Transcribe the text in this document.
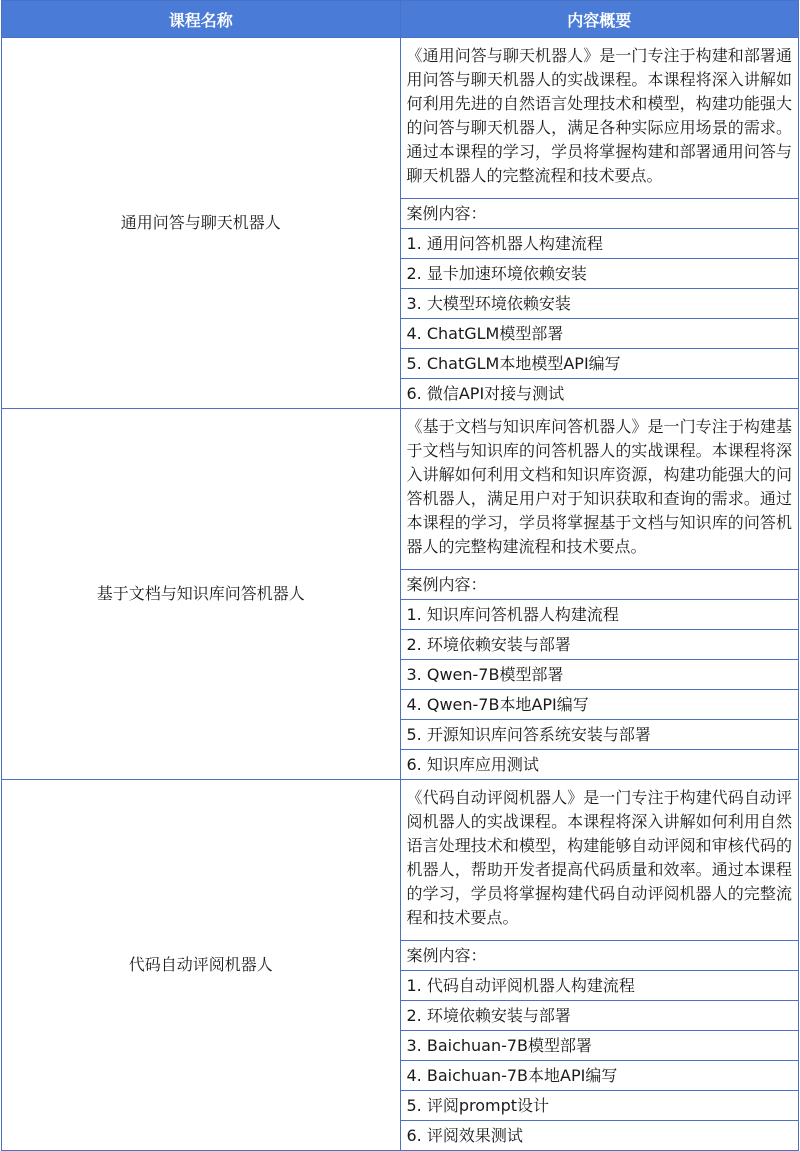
课程名称	内容概要
通用问答与聊天机器人	《通用问答与聊天机器人》是一门专注于构建和部署通用问答与聊天机器人的实战课程。本课程将深入讲解如何利用先进的自然语言处理技术和模型，构建功能强大的问答与聊天机器人，满足各种实际应用场景的需求。通过本课程的学习，学员将掌握构建和部署通用问答与聊天机器人的完整流程和技术要点。
	案例内容：
	1. 通用问答机器人构建流程
	2. 显卡加速环境依赖安装
	3. 大模型环境依赖安装
	4. ChatGLM模型部署
	5. ChatGLM本地模型API编写
	6. 微信API对接与测试
基于文档与知识库问答机器人	《基于文档与知识库问答机器人》是一门专注于构建基于文档与知识库的问答机器人的实战课程。本课程将深入讲解如何利用文档和知识库资源，构建功能强大的问答机器人，满足用户对于知识获取和查询的需求。通过本课程的学习，学员将掌握基于文档与知识库的问答机器人的完整构建流程和技术要点。
	案例内容：
	1. 知识库问答机器人构建流程
	2. 环境依赖安装与部署
	3. Qwen-7B模型部署
	4. Qwen-7B本地API编写
	5. 开源知识库问答系统安装与部署
	6. 知识库应用测试
代码自动评阅机器人	《代码自动评阅机器人》是一门专注于构建代码自动评阅机器人的实战课程。本课程将深入讲解如何利用自然语言处理技术和模型，构建能够自动评阅和审核代码的机器人，帮助开发者提高代码质量和效率。通过本课程的学习，学员将掌握构建代码自动评阅机器人的完整流程和技术要点。
	案例内容：
	1. 代码自动评阅机器人构建流程
	2. 环境依赖安装与部署
	3. Baichuan-7B模型部署
	4. Baichuan-7B本地API编写
	5. 评阅prompt设计
	6. 评阅效果测试
